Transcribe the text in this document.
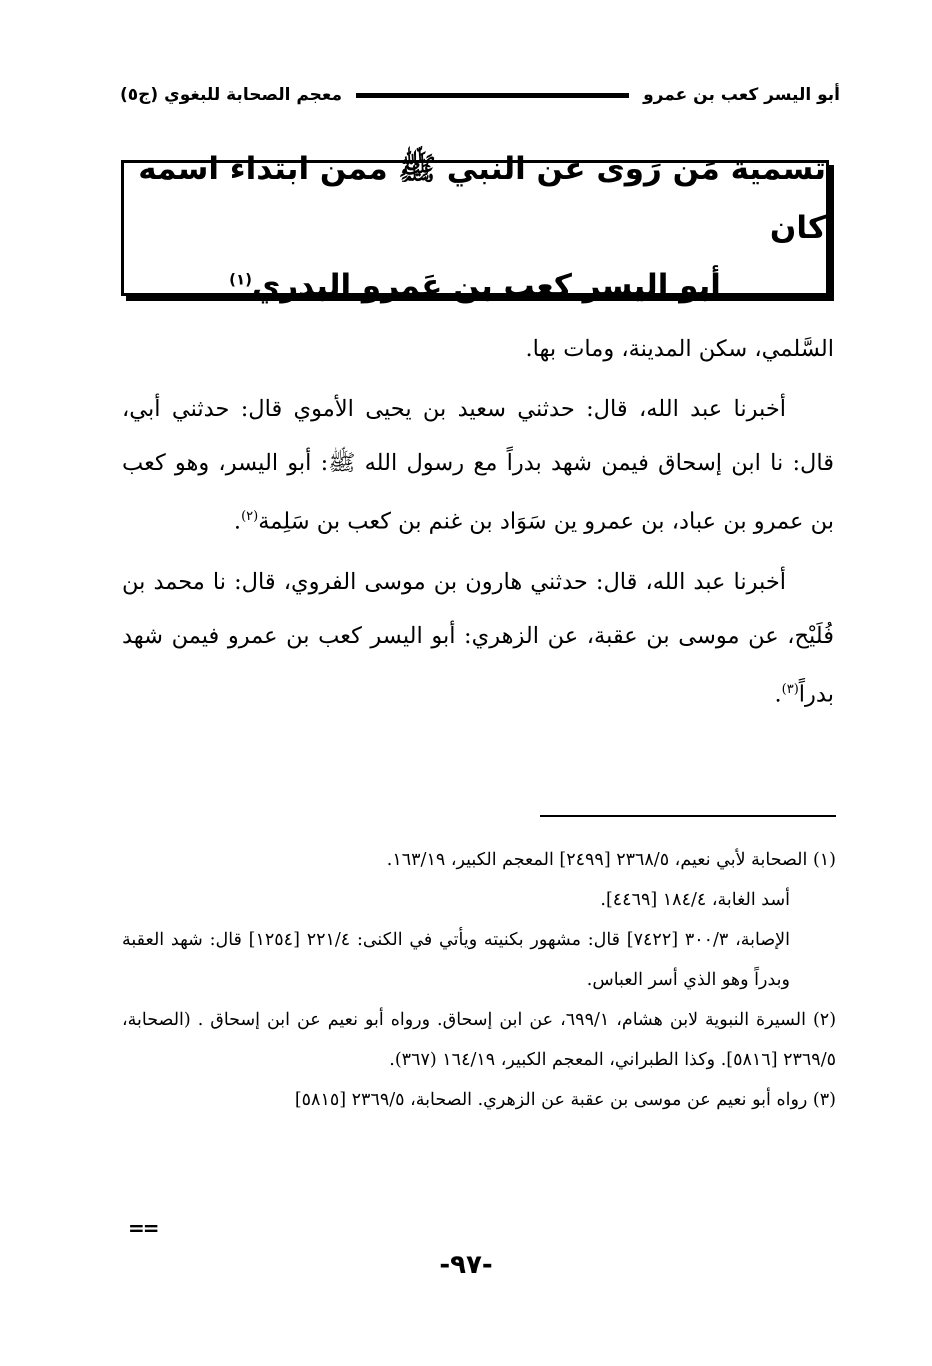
معجم الصحابة للبغوي (ج٥)	أبو اليسر كعب بن عمرو
تسمية مَن رَوى عن النبي ﷺ ممن ابتداء اسمه كان
أبو اليسر كعب بن عَمرو البدري$^{(١)}$

السَّلمي، سكن المدينة، ومات بها.

أخبرنا عبد الله، قال: حدثني سعيد بن يحيى الأموي قال: حدثني أبي، قال: نا ابن إسحاق فيمن شهد بدراً مع رسول الله ﷺ: أبو اليسر، وهو كعب بن عمرو بن عباد، بن عمرو ين سَوَاد بن غنم بن كعب بن سَلِمة$^{(٢)}$.

أخبرنا عبد الله، قال: حدثني هارون بن موسى الفروي، قال: نا محمد بن فُلَيْح، عن موسى بن عقبة، عن الزهري: أبو اليسر كعب بن عمرو فيمن شهد بدراً$^{(٣)}$.

(١) الصحابة لأبي نعيم، ٢٣٦٨/٥ [٢٤٩٩] المعجم الكبير، ١٦٣/١٩.

أسد الغابة، ١٨٤/٤ [٤٤٦٩].

الإصابة، ٣٠٠/٣ [٧٤٢٢] قال: مشهور بكنيته ويأتي في الكنى: ٢٢١/٤ [١٢٥٤] قال: شهد العقبة وبدراً وهو الذي أسر العباس.

(٢) السيرة النبوية لابن هشام، ٦٩٩/١، عن ابن إسحاق. ورواه أبو نعيم عن ابن إسحاق . (الصحابة، ٢٣٦٩/٥ [٥٨١٦]. وكذا الطبراني، المعجم الكبير، ١٦٤/١٩ (٣٦٧).

(٣) رواه أبو نعيم عن موسى بن عقبة عن الزهري. الصحابة، ٢٣٦٩/٥ [٥٨١٥]

==
-٩٧-
